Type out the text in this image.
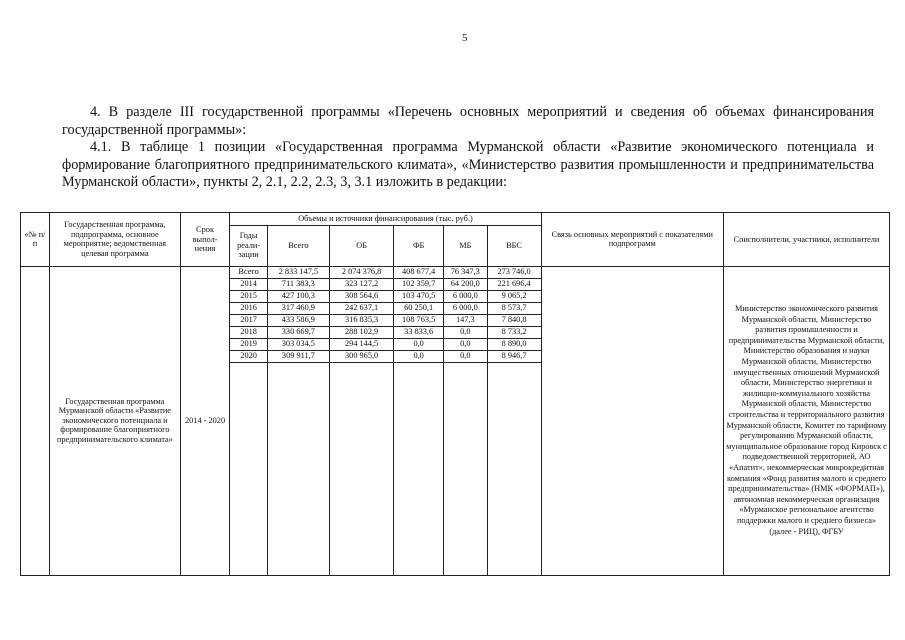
5

4. В разделе III государственной программы «Перечень основных мероприятий и сведения об объемах финансирования государственной программы»:

4.1. В таблице 1 позиции «Государственная программа Мурманской области «Развитие экономического потенциала и формирование благоприятного предпринимательского климата», «Министерство развития промышленности и предпринимательства Мурманской области», пункты 2, 2.1, 2.2, 2.3, 3, 3.1 изложить в редакции:

«№ п/п	Государственная программа, подпрограмма, основное мероприятие; ведомственная целевая программа	Срок выпол-нения	Объемы и источники финансирования (тыс. руб.)						Связь основных мероприятий с показателями подпрограмм	Соисполнители, участники, исполнители
			Годы реали-зации	Всего	ОБ	ФБ	МБ	ВБС		
	Государственная программа Мурманской области «Развитие экономического потенциала и формирование благоприятного предпринимательского климата»	2014 - 2020	Всего	2 833 147,5	2 074 376,8	408 677,4	76 347,3	273 746,0		Министерство экономического развития Мурманской области, Министерство развития промышленности и предпринимательства Мурманской области, Министерство образования и науки Мурманской области, Министерство имущественных отношений Мурманской области, Министерство энергетики и жилищно-коммунального хозяйства Мурманской области, Министерство строительства и территориального развития Мурманской области, Комитет по тарифному регулированию Мурманской области, муниципальное образование город Кировск с подведомственной территорией, АО «Апатит», некоммерческая микрокредитная компания «Фонд развития малого и среднего предпринимательства» (НМК «ФОРМАП»), автономная некоммерческая организация «Мурманское региональное агентство поддержки малого и среднего бизнеса» (далее - РИЦ), ФГБУ
			2014	711 383,3	323 127,2	102 359,7	64 200,0	221 696,4		
			2015	427 100,3	308 564,6	103 470,5	6 000,0	9 065,2		
			2016	317 460,9	242 637,1	60 250,1	6 000,0	8 573,7		
			2017	433 586,9	316 835,3	108 763,5	147,3	7 840,8		
			2018	330 669,7	288 102,9	33 833,6	0,0	8 733,2		
			2019	303 034,5	294 144,5	0,0	0,0	8 890,0		
			2020	309 911,7	300 965,0	0,0	0,0	8 946,7		
